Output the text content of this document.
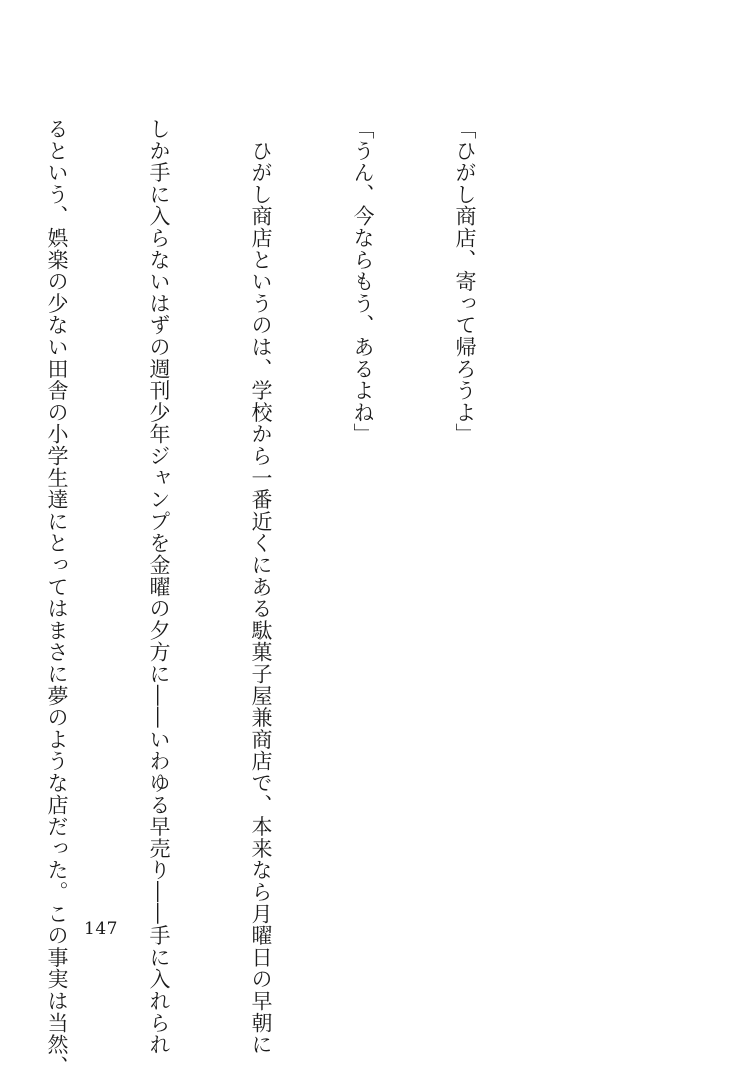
「ひがし商店、寄って帰ろうよ」

「うん、今ならもう、あるよね」

　ひがし商店というのは、学校から一番近くにある駄菓子屋兼商店で、本来なら月曜日の早朝に

しか手に入らないはずの週刊少年ジャンプを金曜の夕方に――いわゆる早売り――手に入れられ

るという、娯楽の少ない田舎の小学生達にとってはまさに夢のような店だった。この事実は当然、

147
